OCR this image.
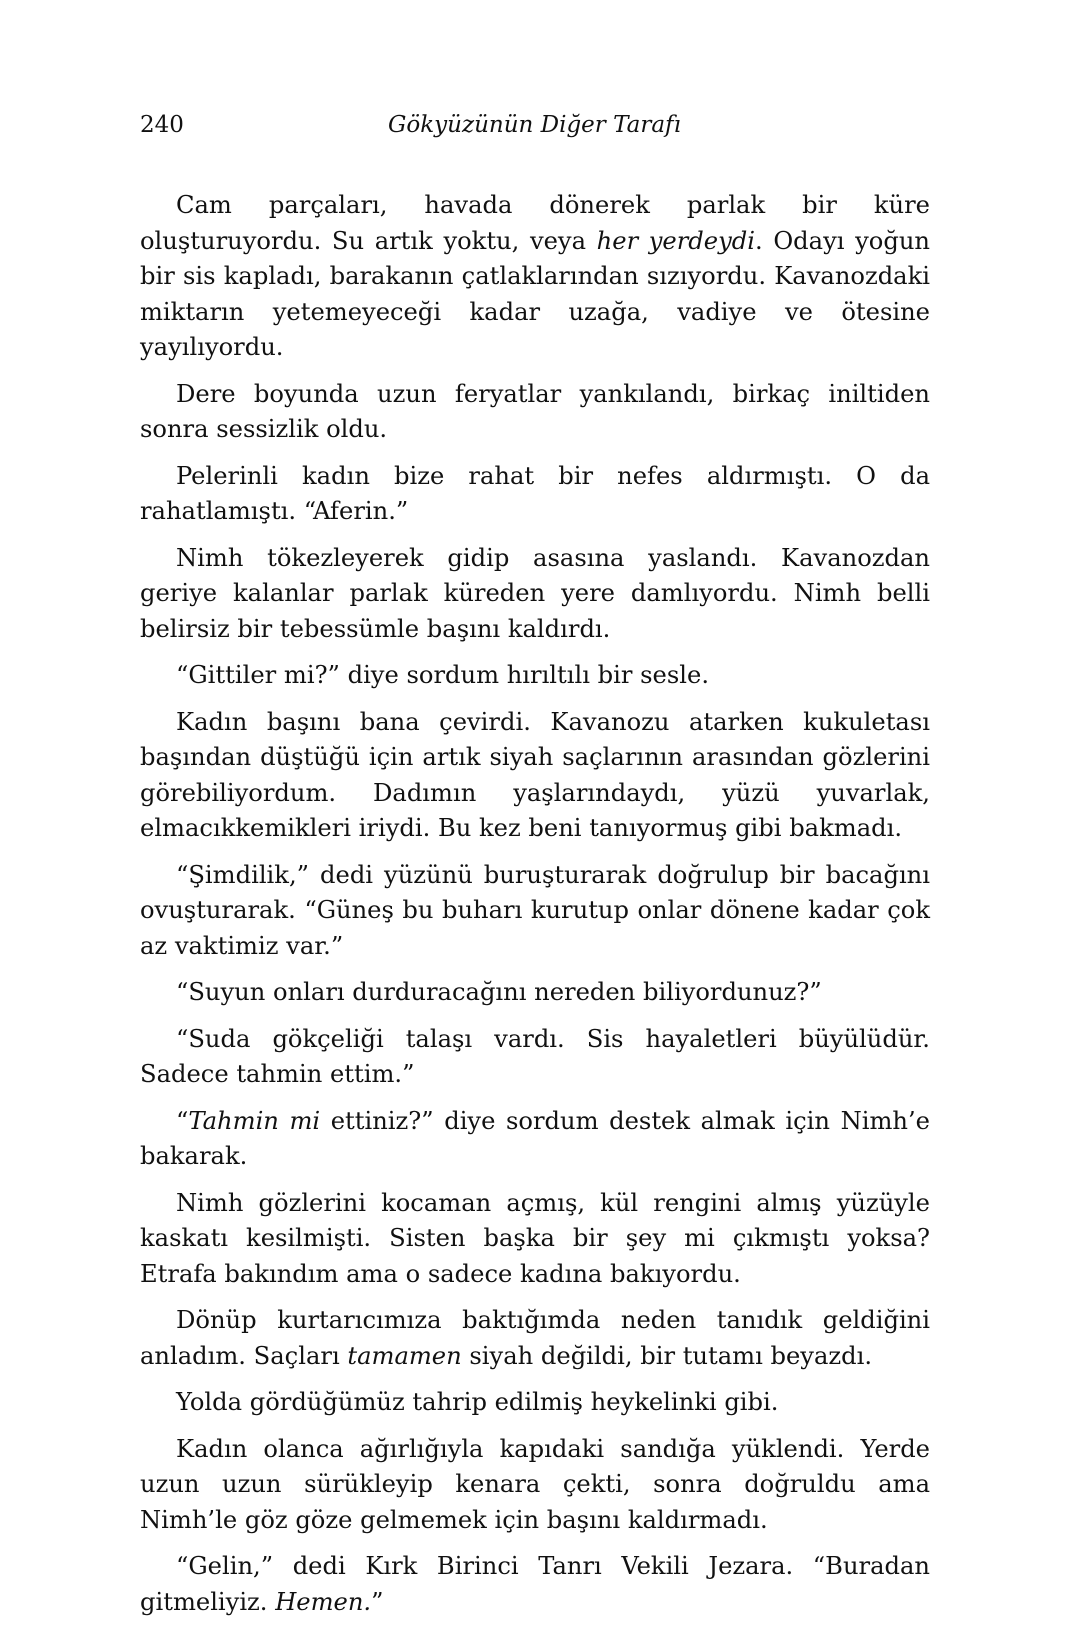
240	Gökyüzünün Diğer Tarafı

Cam parçaları, havada dönerek parlak bir küre oluşturuyordu. Su artık yoktu, veya her yerdeydi. Odayı yoğun bir sis kapladı, barakanın çatlaklarından sızıyordu. Kavanozdaki miktarın yetemeyeceği kadar uzağa, vadiye ve ötesine yayılıyordu.

Dere boyunda uzun feryatlar yankılandı, birkaç iniltiden sonra sessizlik oldu.

Pelerinli kadın bize rahat bir nefes aldırmıştı. O da rahatlamıştı. “Aferin.”

Nimh tökezleyerek gidip asasına yaslandı. Kavanozdan geriye kalanlar parlak küreden yere damlıyordu. Nimh belli belirsiz bir tebessümle başını kaldırdı.

“Gittiler mi?” diye sordum hırıltılı bir sesle.

Kadın başını bana çevirdi. Kavanozu atarken kukuletası başından düştüğü için artık siyah saçlarının arasından gözlerini görebiliyordum. Dadımın yaşlarındaydı, yüzü yuvarlak, elmacıkkemikleri iriydi. Bu kez beni tanıyormuş gibi bakmadı.

“Şimdilik,” dedi yüzünü buruşturarak doğrulup bir bacağını ovuşturarak. “Güneş bu buharı kurutup onlar dönene kadar çok az vaktimiz var.”

“Suyun onları durduracağını nereden biliyordunuz?”

“Suda gökçeliği talaşı vardı. Sis hayaletleri büyülüdür. Sadece tahmin ettim.”

“Tahmin mi ettiniz?” diye sordum destek almak için Nimh’e bakarak.

Nimh gözlerini kocaman açmış, kül rengini almış yüzüyle kaskatı kesilmişti. Sisten başka bir şey mi çıkmıştı yoksa? Etrafa bakındım ama o sadece kadına bakıyordu.

Dönüp kurtarıcımıza baktığımda neden tanıdık geldiğini anladım. Saçları tamamen siyah değildi, bir tutamı beyazdı.

Yolda gördüğümüz tahrip edilmiş heykelinki gibi.

Kadın olanca ağırlığıyla kapıdaki sandığa yüklendi. Yerde uzun uzun sürükleyip kenara çekti, sonra doğruldu ama Nimh’le göz göze gelmemek için başını kaldırmadı.

“Gelin,” dedi Kırk Birinci Tanrı Vekili Jezara. “Buradan gitmeliyiz. Hemen.”
